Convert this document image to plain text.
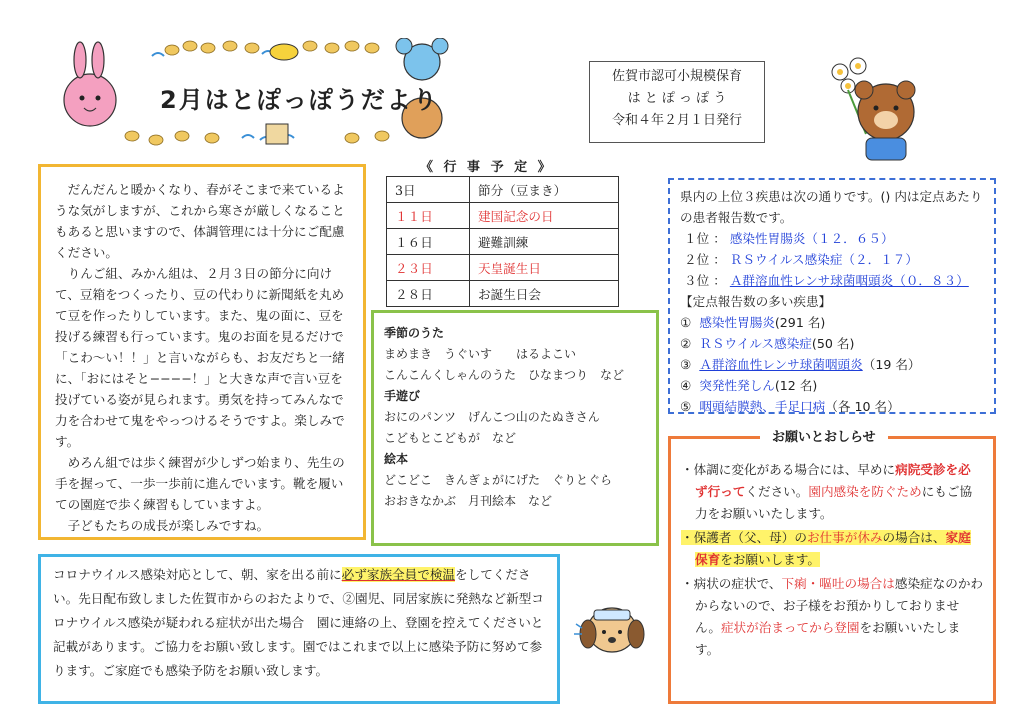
2月はとぽっぽうだより
佐賀市認可小規模保育
は と ぽ っ ぽ う
令和４年２月１日発行

だんだんと暖かくなり、春がそこまで来ているような気がしますが、これから寒さが厳しくなることもあると思いますので、体調管理には十分にご配慮ください。

りんご組、みかん組は、２月３日の節分に向けて、豆箱をつくったり、豆の代わりに新聞紙を丸めて豆を作ったりしています。また、鬼の面に、豆を投げる練習も行っています。鬼のお面を見るだけで「こわ〜い！！」と言いながらも、お友だちと一緒に、「おにはそと−−−−！」と大きな声で言い豆を投げている姿が見られます。勇気を持ってみんなで力を合わせて鬼をやっつけるそうですよ。楽しみです。

めろん組では歩く練習が少しずつ始まり、先生の手を握って、一歩一歩前に進んでいます。靴を履いての園庭で歩く練習もしていますよ。

子どもたちの成長が楽しみですね。

《 行 事 予 定 》
3日	節分（豆まき）
１１日	建国記念の日
１６日	避難訓練
２３日	天皇誕生日
２８日	お誕生日会
季節のうた
まめまき　うぐいす　　はるよこい
こんこんくしゃんのうた　ひなまつり　など
手遊び
おにのパンツ　げんこつ山のたぬきさん
こどもとこどもが　など
絵本
どこどこ　きんぎょがにげた　ぐりとぐら
おおきなかぶ　月刊絵本　など
県内の上位３疾患は次の通りです。() 内は定点あたりの患者報告数です。
１位 ： 感染性胃腸炎（１２．６５）
２位 ： ＲＳウイルス感染症（２．１７）
３位 ： Ａ群溶血性レンサ球菌咽頭炎（０．８３）
【定点報告数の多い疾患】
① 感染性胃腸炎(291 名)
② ＲＳウイルス感染症(50 名)
③ Ａ群溶血性レンサ球菌咽頭炎（19 名）
④ 突発性発しん(12 名)
⑤ 咽頭結膜熱、手足口病（各 10 名）
・体調に変化がある場合には、早めに病院受診を必ず行ってください。園内感染を防ぐためにもご協力をお願いいたします。
・保護者（父、母）のお仕事が休みの場合は、家庭保育をお願いします。
・病状の症状で、下痢・嘔吐の場合は感染症なのかわからないので、お子様をお預かりしておりません。症状が治まってから登園をお願いいたします。
お願いとおしらせ
コロナウイルス感染対応として、朝、家を出る前に必ず家族全員で検温をしてください。先日配布致しました佐賀市からのおたよりで、②園児、同居家族に発熱など新型コロナウイルス感染が疑われる症状が出た場合　園に連絡の上、登園を控えてくださいと記載があります。ご協力をお願い致します。園ではこれまで以上に感染予防に努めて参ります。ご家庭でも感染予防をお願い致します。
